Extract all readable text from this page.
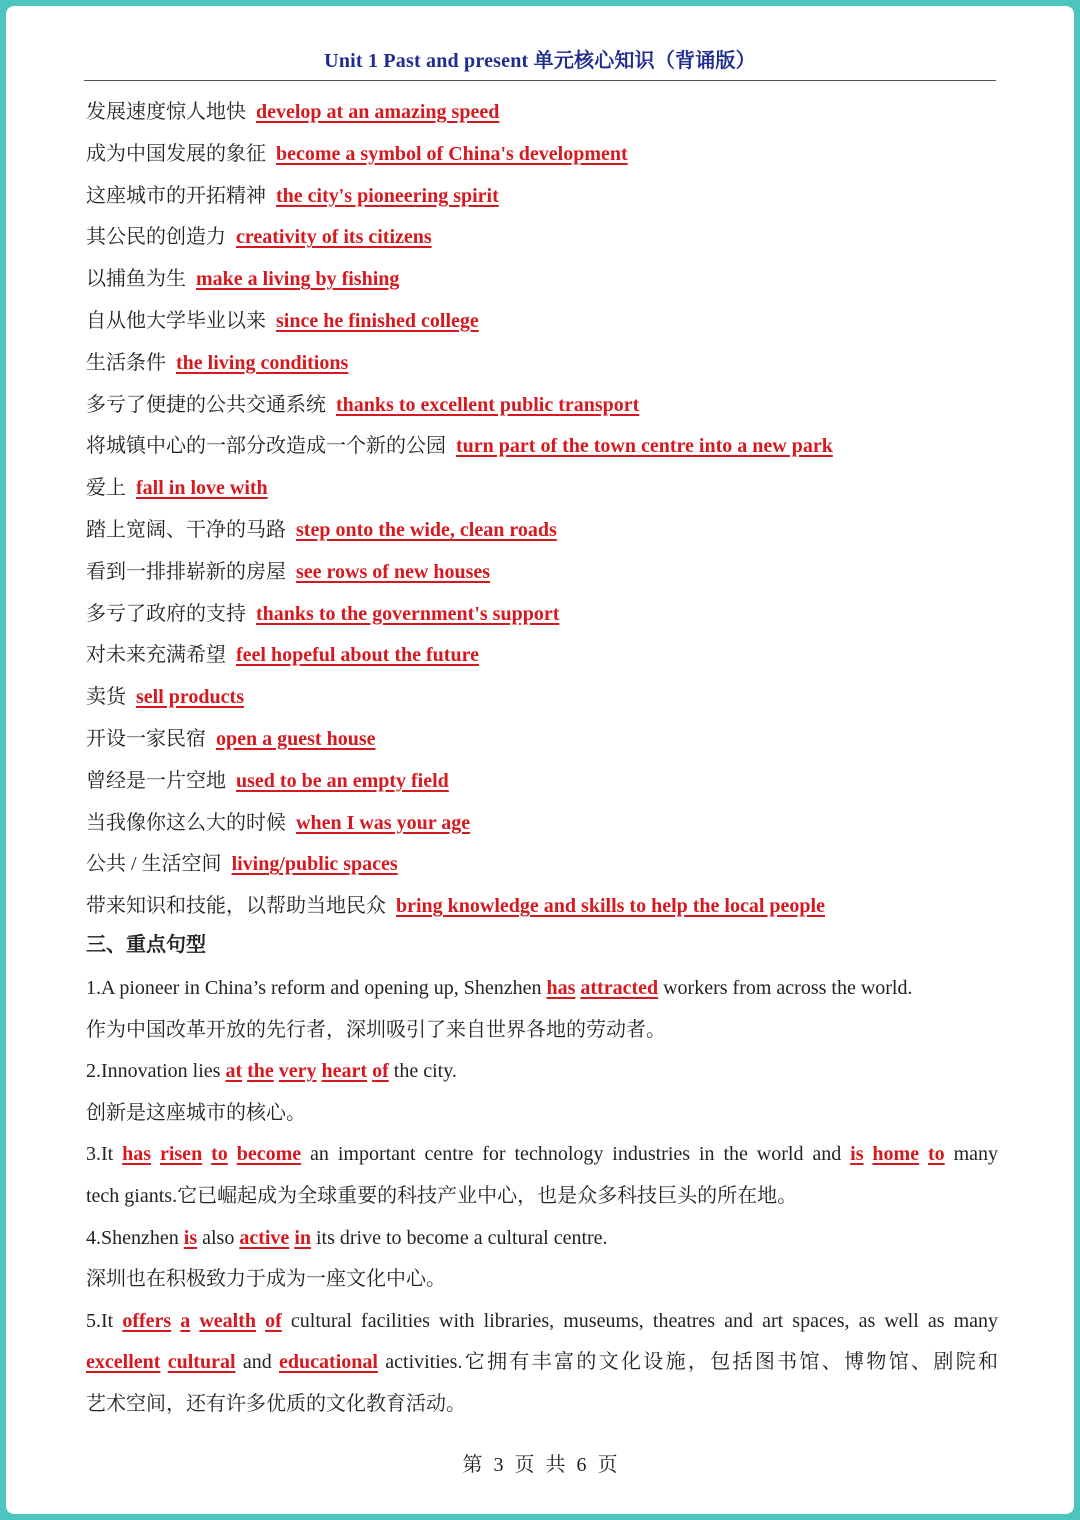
Unit 1 Past and present 单元核心知识（背诵版）
发展速度惊人地快 develop at an amazing speed
成为中国发展的象征 become a symbol of China's development
这座城市的开拓精神 the city's pioneering spirit
其公民的创造力 creativity of its citizens
以捕鱼为生 make a living by fishing
自从他大学毕业以来 since he finished college
生活条件 the living conditions
多亏了便捷的公共交通系统 thanks to excellent public transport
将城镇中心的一部分改造成一个新的公园 turn part of the town centre into a new park
爱上 fall in love with
踏上宽阔、干净的马路 step onto the wide, clean roads
看到一排排崭新的房屋 see rows of new houses
多亏了政府的支持 thanks to the government's support
对未来充满希望 feel hopeful about the future
卖货 sell products
开设一家民宿 open a guest house
曾经是一片空地 used to be an empty field
当我像你这么大的时候 when I was your age
公共 / 生活空间 living/public spaces
带来知识和技能，以帮助当地民众 bring knowledge and skills to help the local people
三、重点句型
1.A pioneer in China’s reform and opening up, Shenzhen has attracted workers from across the world.
作为中国改革开放的先行者，深圳吸引了来自世界各地的劳动者。
2.Innovation lies at the very heart of the city.
创新是这座城市的核心。
3.It has risen to become an important centre for technology industries in the world and is home to many
tech giants.它已崛起成为全球重要的科技产业中心，也是众多科技巨头的所在地。
4.Shenzhen is also active in its drive to become a cultural centre.
深圳也在积极致力于成为一座文化中心。
5.It offers a wealth of cultural facilities with libraries, museums, theatres and art spaces, as well as many
excellent cultural and educational activities.它拥有丰富的文化设施，包括图书馆、博物馆、剧院和
艺术空间，还有许多优质的文化教育活动。
第 3 页 共 6 页
